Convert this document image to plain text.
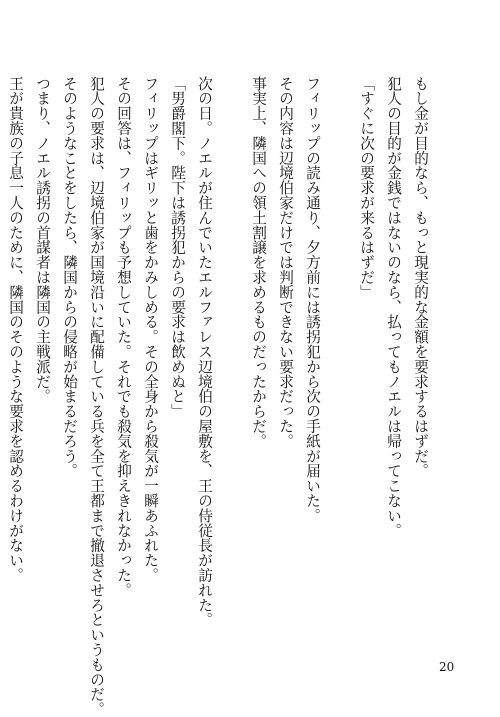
もし金が目的なら、もっと現実的な金額を要求するはずだ。
犯人の目的が金銭ではないのなら、払ってもノエルは帰ってこない。
「すぐに次の要求が来るはずだ」
フィリップの読み通り、夕方前には誘拐犯から次の手紙が届いた。
その内容は辺境伯家だけでは判断できない要求だった。
事実上、隣国への領土割譲を求めるものだったからだ。
次の日。ノエルが住んでいたエルファレス辺境伯の屋敷を、王の侍従長が訪れた。
「男爵閣下。陛下は誘拐犯からの要求は飲めぬと」
フィリップはギリッと歯をかみしめる。その全身から殺気が一瞬あふれた。
その回答は、フィリップも予想していた。それでも殺気を抑えきれなかった。
犯人の要求は、辺境伯家が国境沿いに配備している兵を全て王都まで撤退させろというものだ。
そのようなことをしたら、隣国からの侵略が始まるだろう。
つまり、ノエル誘拐の首謀者は隣国の主戦派だ。
王が貴族の子息一人のために、隣国のそのような要求を認めるわけがない。
20
